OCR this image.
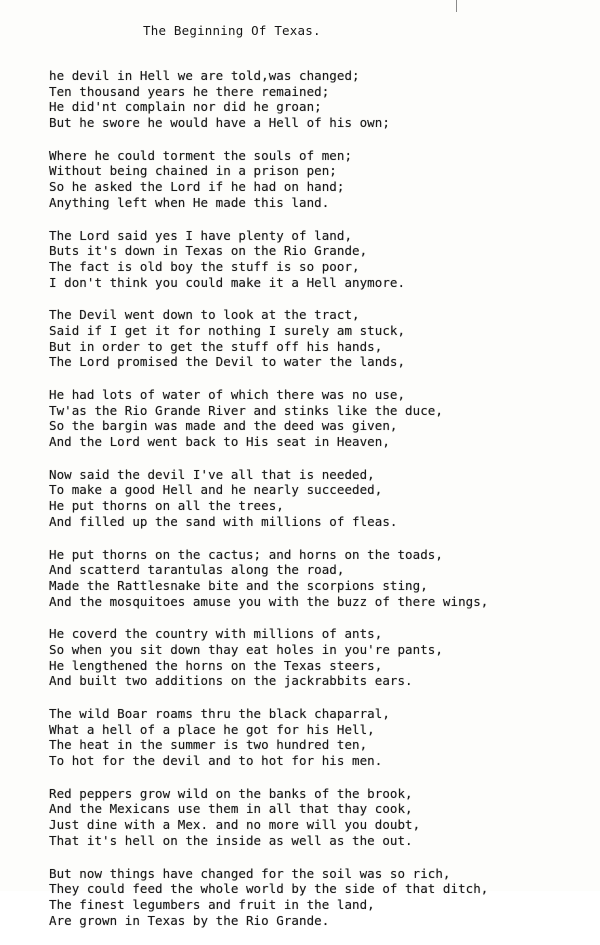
The Beginning Of Texas.
he devil in Hell we are told,was changed;
Ten thousand years he there remained;
He did'nt complain nor did he groan;
But he swore he would have a Hell of his own;
Where he could torment the souls of men;
Without being chained in a prison pen;
So he asked the Lord if he had on hand;
Anything left when He made this land.
The Lord said yes I have plenty of land,
Buts it's down in Texas on the Rio Grande,
The fact is old boy the stuff is so poor,
I don't think you could make it a Hell anymore.
The Devil went down to look at the tract,
Said if I get it for nothing I surely am stuck,
But in order to get the stuff off his hands,
The Lord promised the Devil to water the lands,
He had lots of water of which there was no use,
Tw'as the Rio Grande River and stinks like the duce,
So the bargin was made and the deed was given,
And the Lord went back to His seat in Heaven,
Now said the devil I've all that is needed,
To make a good Hell and he nearly succeeded,
He put thorns on all the trees,
And filled up the sand with millions of fleas.
He put thorns on the cactus; and horns on the toads,
And scatterd tarantulas along the road,
Made the Rattlesnake bite and the scorpions sting,
And the mosquitoes amuse you with the buzz of there wings,
He coverd the country with millions of ants,
So when you sit down thay eat holes in you're pants,
He lengthened the horns on the Texas steers,
And built two additions on the jackrabbits ears.
The wild Boar roams thru the black chaparral,
What a hell of a place he got for his Hell,
The heat in the summer is two hundred ten,
To hot for the devil and to hot for his men.
Red peppers grow wild on the banks of the brook,
And the Mexicans use them in all that thay cook,
Just dine with a Mex. and no more will you doubt,
That it's hell on the inside as well as the out.
But now things have changed for the soil was so rich,
They could feed the whole world by the side of that ditch,
The finest legumbers and fruit in the land,
Are grown in Texas by the Rio Grande.
